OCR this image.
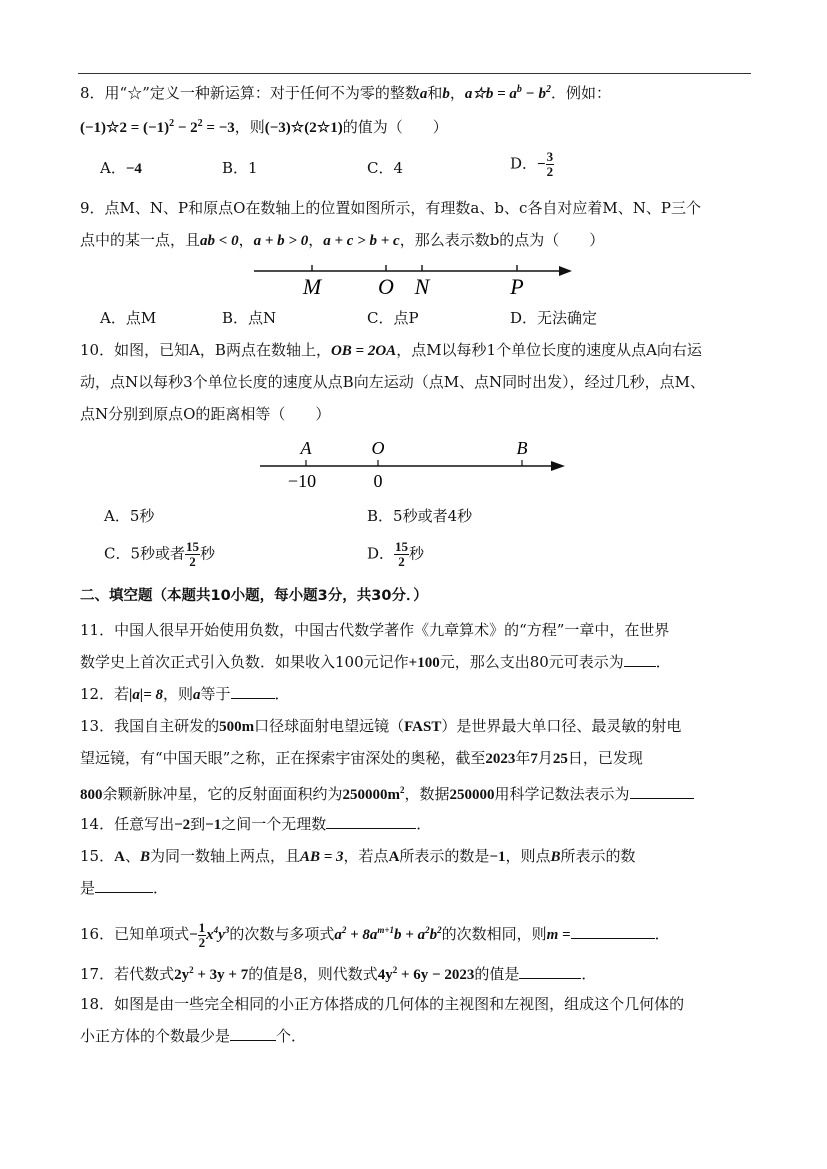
8．用“☆”定义一种新运算：对于任何不为零的整数a和b，a☆b = $a^b - b^2$．例如：
(−1)☆2 = $(-1)^2 - 2^2 = -3$，则(−3)☆(2☆1)的值为（　　）
A．−4	B．1	C．4	D．− $\frac{3}{2}$
9．点M、N、P和原点O在数轴上的位置如图所示，有理数a、b、c各自对应着M、N、P三个
点中的某一点，且ab < 0，a + b > 0，a + c > b + c，那么表示数b的点为（　　）
M	O N	P
A．点M	B．点N	C．点P	D．无法确定
10．如图，已知A，B两点在数轴上，OB = 2OA，点M以每秒1个单位长度的速度从点A向右运
动，点N以每秒3个单位长度的速度从点B向左运动（点M、点N同时出发），经过几秒，点M、
点N分别到原点O的距离相等（　　）
A	O	B
−10	0
A．5秒	B．5秒或者4秒
C．5秒或者 $\frac{15}{2}$ 秒	D． $\frac{15}{2}$ 秒
二、填空题（本题共10小题，每小题3分，共30分．）
11．中国人很早开始使用负数，中国古代数学著作《九章算术》的“方程”一章中，在世界
数学史上首次正式引入负数．如果收入100元记作+100元，那么支出80元可表示为 ．
12．若|a|= 8，则a等于	．
13．我国自主研发的500m口径球面射电望远镜（FAST）是世界最大单口径、最灵敏的射电
望远镜，有“中国天眼”之称，正在探索宇宙深处的奥秘，截至2023年7月25日，已发现
800余颗新脉冲星，它的反射面面积约为$250000m^2$，数据250000用科学记数法表示为
14．任意写出−2到−1之间一个无理数	．
15．A、B为同一数轴上两点，且AB = 3，若点A所表示的数是−1，则点B所表示的数
是	．
16．已知单项式− $\frac{1}{2} x^4y^3$的次数与多项式$a^2 + 8a^{m+1}b + a^2b^2$的次数相同，则m =	．
17．若代数式$2y^2 + 3y + 7$的值是8，则代数式$4y^2 + 6y - 2023$的值是	．
18．如图是由一些完全相同的小正方体搭成的几何体的主视图和左视图，组成这个几何体的
小正方体的个数最少是	个．
